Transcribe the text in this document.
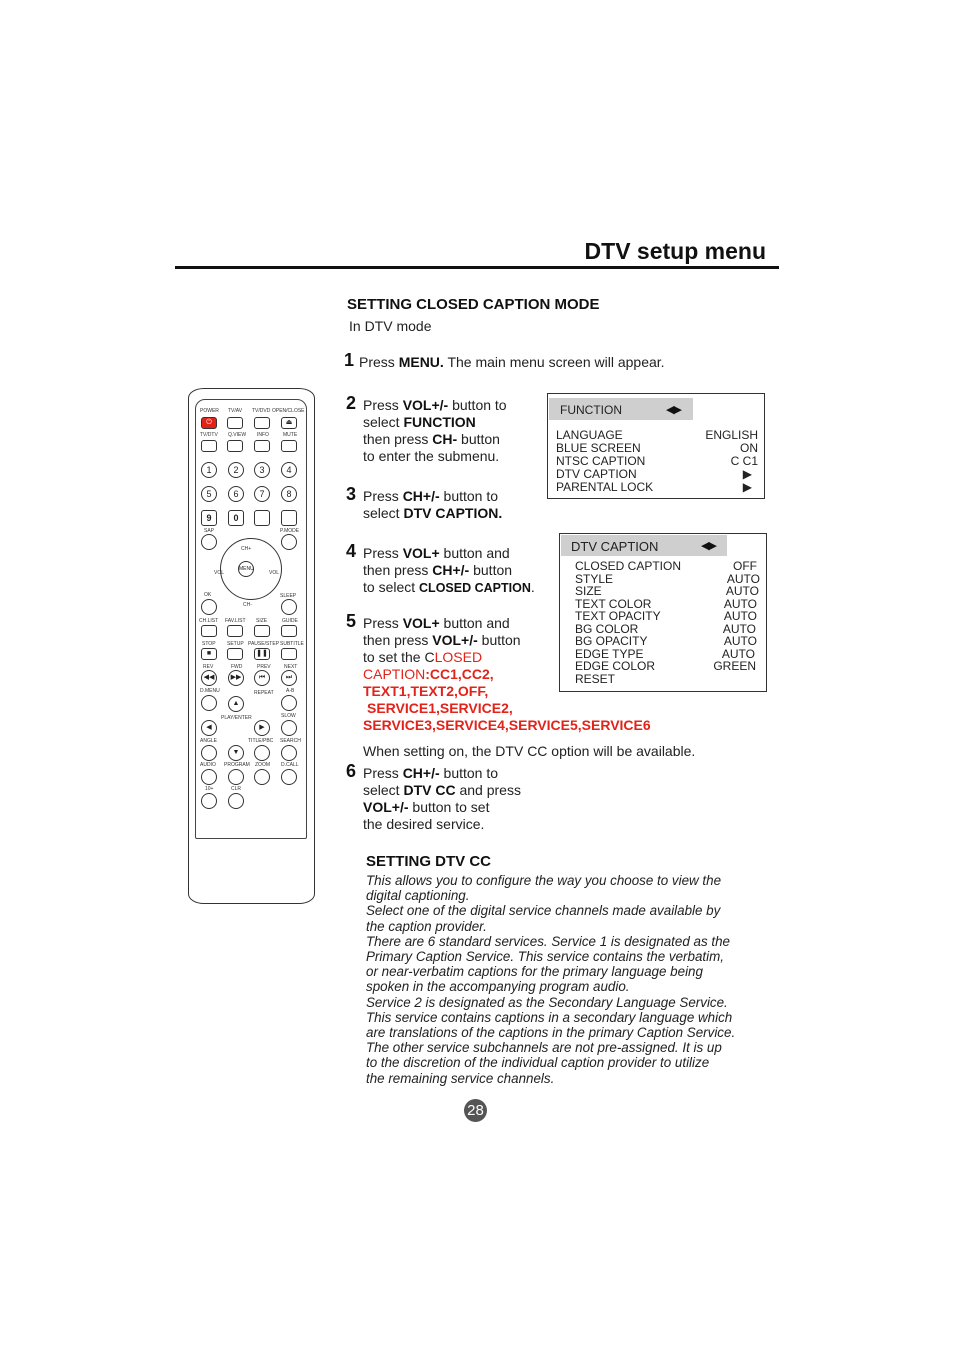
DTV setup menu
SETTING CLOSED CAPTION MODE
In DTV mode
1 Press MENU. The main menu screen will appear.
2 Press VOL+/- button to
select FUNCTION
then press CH- button
to enter the submenu.
3 Press CH+/- button to
select DTV CAPTION.
4 Press VOL+ button and
then press CH+/- button
to select CLOSED CAPTION.
5 Press VOL+ button and
then press VOL+/- button
to set the CLOSED
CAPTION:CC1,CC2,
TEXT1,TEXT2,OFF,
SERVICE1,SERVICE2,
SERVICE3,SERVICE4,SERVICE5,SERVICE6
When setting on, the DTV CC option will be available.
6 Press CH+/- button to
select DTV CC and press
VOL+/- button to set
the desired service.
FUNCTION	◀▶
LANGUAGE	ENGLISH
BLUE SCREEN	ON
NTSC CAPTION	C C1
DTV CAPTION	▶
PARENTAL LOCK	▶
DTV CAPTION	◀▶
CLOSED CAPTION	OFF
STYLE	AUTO
SIZE	AUTO
TEXT COLOR	AUTO
TEXT OPACITY	AUTO
BG COLOR	AUTO
BG OPACITY	AUTO
EDGE TYPE	AUTO
EDGE COLOR	GREEN
RESET
SETTING DTV CC

This allows you to configure the way you choose to view the

digital captioning.

Select one of the digital service channels made available by

the caption provider.

There are 6 standard services. Service 1 is designated as the

Primary Caption Service. This service contains the verbatim,

or near-verbatim captions for the primary language being

spoken in the accompanying program audio.

Service 2 is designated as the Secondary Language Service.

This service contains captions in a secondary language which

are translations of the captions in the primary Caption Service.

The other service subchannels are not pre-assigned. It is up

to the discretion of the individual caption provider to utilize

the remaining service channels.

28
POWER TV/AV TV/DVD OPEN/CLOSE
⏻	⏏
TV/DTV Q.VIEW INFO	MUTE
1	2	3	4
5	6	7	8
9	0
SAP	P.MODE
CH+
VOL
MENU
VOL
OK
CH-
SLEEP
CH.LIST FAV.LIST SIZE	GUIDE
STOP SETUP PAUSE/STEP SUBTITLE
■	❚❚
REV	FWD	PREV	NEXT
◀◀	▶▶	⏮	⏭
D.MENU	REPEAT A-B
▲
PLAY/ENTER	SLOW
◀	▶
ANGLE	TITLE/PBC SEARCH
▼
AUDIO PROGRAM ZOOM D.CALL
10+	CLR
